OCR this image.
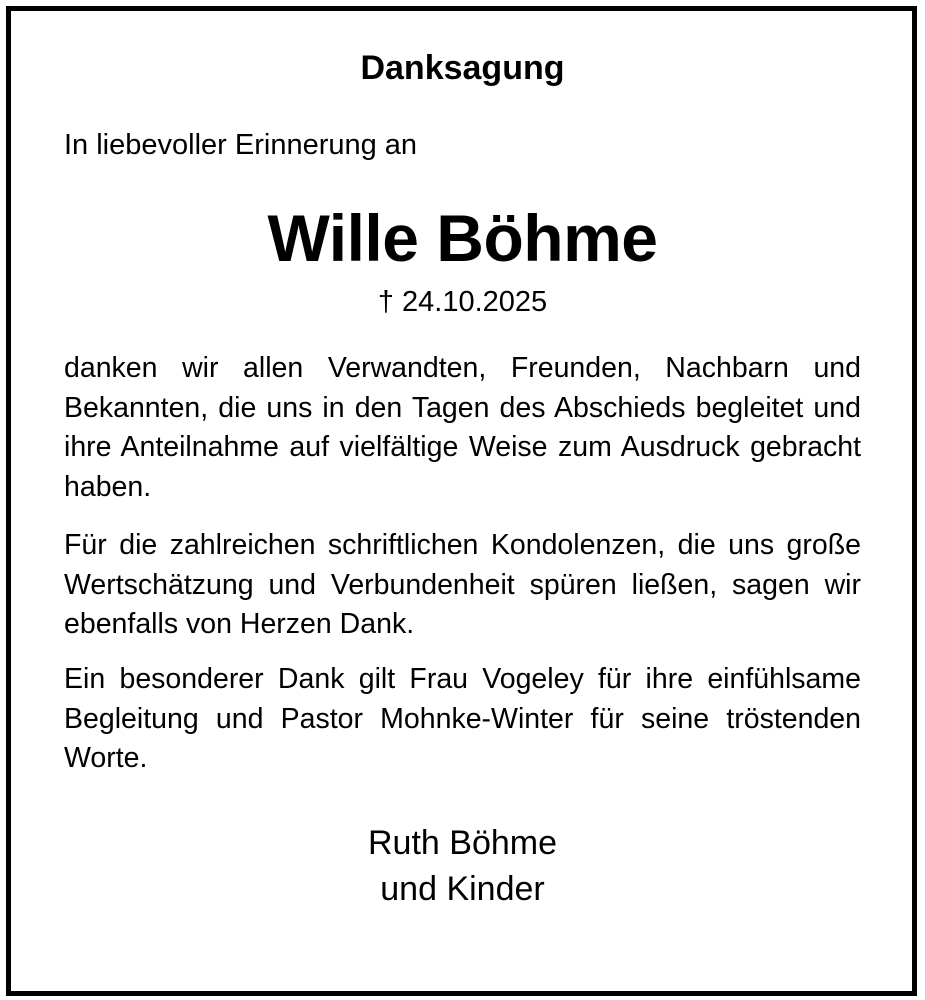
Danksagung
In liebevoller Erinnerung an
Wille Böhme
† 24.10.2025

danken wir allen Verwandten, Freunden, Nachbarn und Bekannten, die uns in den Tagen des Abschieds begleitet und ihre Anteilnahme auf vielfältige Weise zum Ausdruck gebracht haben.

Für die zahlreichen schriftlichen Kondolenzen, die uns große Wertschätzung und Verbundenheit spüren ließen, sagen wir ebenfalls von Herzen Dank.

Ein besonderer Dank gilt Frau Vogeley für ihre einfühlsame Begleitung und Pastor Mohnke-Winter für seine tröstenden Worte.

Ruth Böhme
und Kinder
